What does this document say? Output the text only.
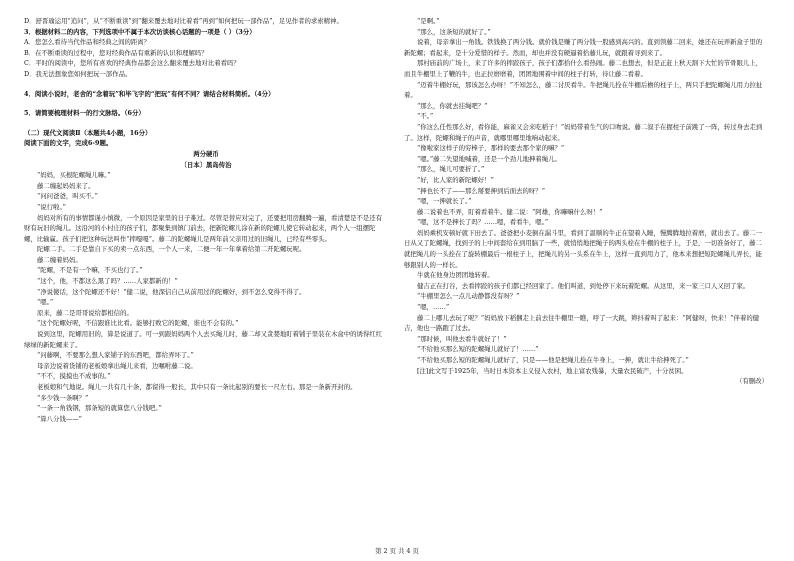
D．舒晋瑜运用“追问”，从“不断重读”到“翻来覆去地对比着看”再到“如何把玩一部作品”，足见作者的求索精神。

3．根据材料二的内容，下列选项中不属于本次访谈核心话题的一项是（ ）（3分）

A．您怎么看待当代作品和经典之间的距离？

B．在不断重读的过程中，您对经典作品有重新的认识和理解吗？

C．平时的阅读中，您所有喜欢的经典作品都会这么翻来覆去地对比着看吗？

D．我无法想象您如何把玩一部作品。

4．阅读小说时，老舍的“念着玩”和毕飞宇的“把玩”有何不同？请结合材料简析。（4分）

5．请简要梳理材料一的行文脉络。（6分）

（二）现代文阅读Ⅱ（本题共4小题，16分）

阅读下面的文字，完成6-9题。

两分硬币

〔日本〕黑岛传治

“妈妈，买根陀螺绳儿嘛。”

藤二缠起妈妈来了。

“问问爸爸，叫买不。”

“说行啦。”

妈妈对所有的事情都谨小慎微，一个原因是家里的日子难过。尽管是替应对完了，还要把用房翻腾一遍，看清楚是不是还有财有玩旧的绳儿。这沿河的小村庄的孩子们，都聚集到镇门前去，把新陀螺儿涂在新的陀螺儿使它转动起来，两个人一组摆陀螺，比输赢。孩子们把这种玩法叫作“摔嘎嘎”。藤二的陀螺绳儿是两年前父亲用过的旧绳儿，已经有些零头。

陀螺二手。二手是靠自下买的卖一点东西，一个人一来，二便一年一年拿着给第二开陀螺玩呢。

藤二缠着妈妈。

“陀螺，不是有一个嘛，不买也行了。”

“这个，他，不都这么黑了吗？……人家都新的！”

“净说傻话，这个陀螺还不好！”健二说，他深信自己从前用过的陀螺好，到不怎么变得不得了。

“嗯。”

原来，藤二是哥哥说给都相信的。

“这个陀螺好呢，不信跟谁比比看。能够打败它的陀螺，谁也不会有的。”

说到这里，陀螺用旧的，算是说道了。可一到跟妈妈两个人去买绳儿时，藤二却又贪婪地盯着铺子里装在木盒中的诱得红红绿绿的新陀螺来了。

“问藤啊，不要那么想人家铺子的东西吧，都给弄坏了。”

母亲边说着货铺的老板娘拿出绳儿来看，边嘱咐藤二说。

“不不，摸摸也不成事的。”

老板娘和气地说。绳儿一共有几十条，都留得一般长，其中只有一条比起别的要长一尺左右。那是一条新开封的。

“多少钱一条啊？”

“一条一角钱钢，那条短的就算您八分钱吧。”

“算八分钱——”

“是啊。”

“那么，这条短的就好了。”

说着，母亲拿出一角钱。铁钱换了两分钱。就价钱是赚了两分钱一股感到高兴的。直到领藤二回来，她还在玩弄新盒子里的新陀螺；看起来，是十分爱惜的样子。然而，却也并没有硬逼着拾藤儿玩，就跟着寻到来了。

那村庙前的广场上，来了许多的摔跤孩子，孩子们都拾什么看热闹。藤二也想去，但是正赶上秋天割下大忙的节骨眼儿上，而且牛棚里上了鞭的牛，也正拉磨磨着，团团地围着中间的柱子打转，待让藤二看着。

“迈着牛棚好玩，那该怎么办呀！”不知怎么，藤二讨厌看牛。牛把绳儿拴在牛棚后檐的柱子上，两只手把陀螺绳儿用力拉扯着。

“那么，你就去挂绳吧？”

“不。”

“你这么任性那么好，看你能，麻雀又会来吃稻子！”妈妈带着生气的口吻说。藤二叙手在握柱子前跳了一阵，转过身去走到了。这样，陀螺和绳子的声音，就哪里哪里地响动起来。

“像啦家这样子的穷棒子，那样的要去那个家的嘛？”

“嗯。”藤二失望地喊着，还是一个劲儿地抻着绳儿。

“那么，绳儿可要折了。”

“好，比人家的新陀螺好！”

“抻也长不了——那么掰要抻到后面去的呀？”

“嗯，一抻就长了。”

藤二说着也不弄，盯着看着牛。健二说：“阿雄，你嘛嘛什么呀！”

“嗯，这不是抻长了吗？……嗯，看看牛，嗯。”

妈妈乘机安顿好就下田去了。爸爸把小麦倒在漏斗里，看到了温顺的牛正在望着入睡，慢腾腾地拉着磨，就出去了。藤二一日从又了陀螺绳，找到子的上中间套给在到用脑了一些，就悄悄地把绳子的两头栓在牛棚的柱子上，于是，一切准备好了，藤二就把绳儿的一头拴在了旋转棚最后一根柱子上，把绳儿的另一头系在牛上，这样一直到用力了，他本来想把短陀螺绳儿弄长，能够跟别人的一样长。

牛就在他身边团团地转着。

健吉正在打谷，去看摔跤的孩子们都已经回家了。他们叫道，到处停下来玩着陀螺。从这里，来一家三口人又回了家。

“牛棚里怎么一点儿动静都没有呀？”

“嗯，……”

藤二上哪儿去玩了呢？”妈妈放下稻捆走上前去往牛棚里一瞧，呼了一大跳，辫抖着叫了起来：“阿健呀，快来！”伴着的健吉，他也一路跑了过去。

“那时候，叫他去看牛就好了！”

“不给他买那么短的陀螺绳儿就好了！……”

“不给他买那么短的陀螺绳儿就好了，只是——他是把绳儿拴在牛身上，一抻，就让牛给抻死了。”

[注]此文写于1925年，当时日本资本主义侵入农村，地主富农残暴，大量农民破产，十分贫困。

（有删改）

第 2 页 共 4 页
